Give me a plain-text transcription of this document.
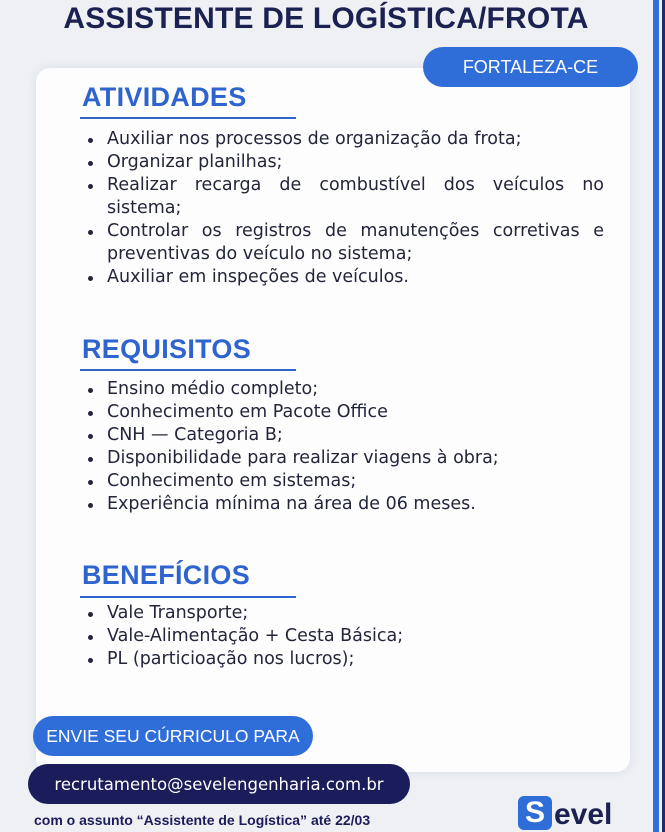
ASSISTENTE DE LOGÍSTICA/FROTA
FORTALEZA-CE
ATIVIDADES
Auxiliar nos processos de organização da frota;
Organizar planilhas;
Realizar recarga de combustível dos veículos no sistema;
Controlar os registros de manutenções corretivas e preventivas do veículo no sistema;
Auxiliar em inspeções de veículos.
REQUISITOS
Ensino médio completo;
Conhecimento em Pacote Office
CNH — Categoria B;
Disponibilidade para realizar viagens à obra;
Conhecimento em sistemas;
Experiência mínima na área de 06 meses.
BENEFÍCIOS
Vale Transporte;
Vale-Alimentação + Cesta Básica;
PL (particioação nos lucros);
ENVIE SEU CÚRRICULO PARA
recrutamento@sevelengenharia.com.br
com o assunto “Assistente de Logística” até 22/03	S evel
